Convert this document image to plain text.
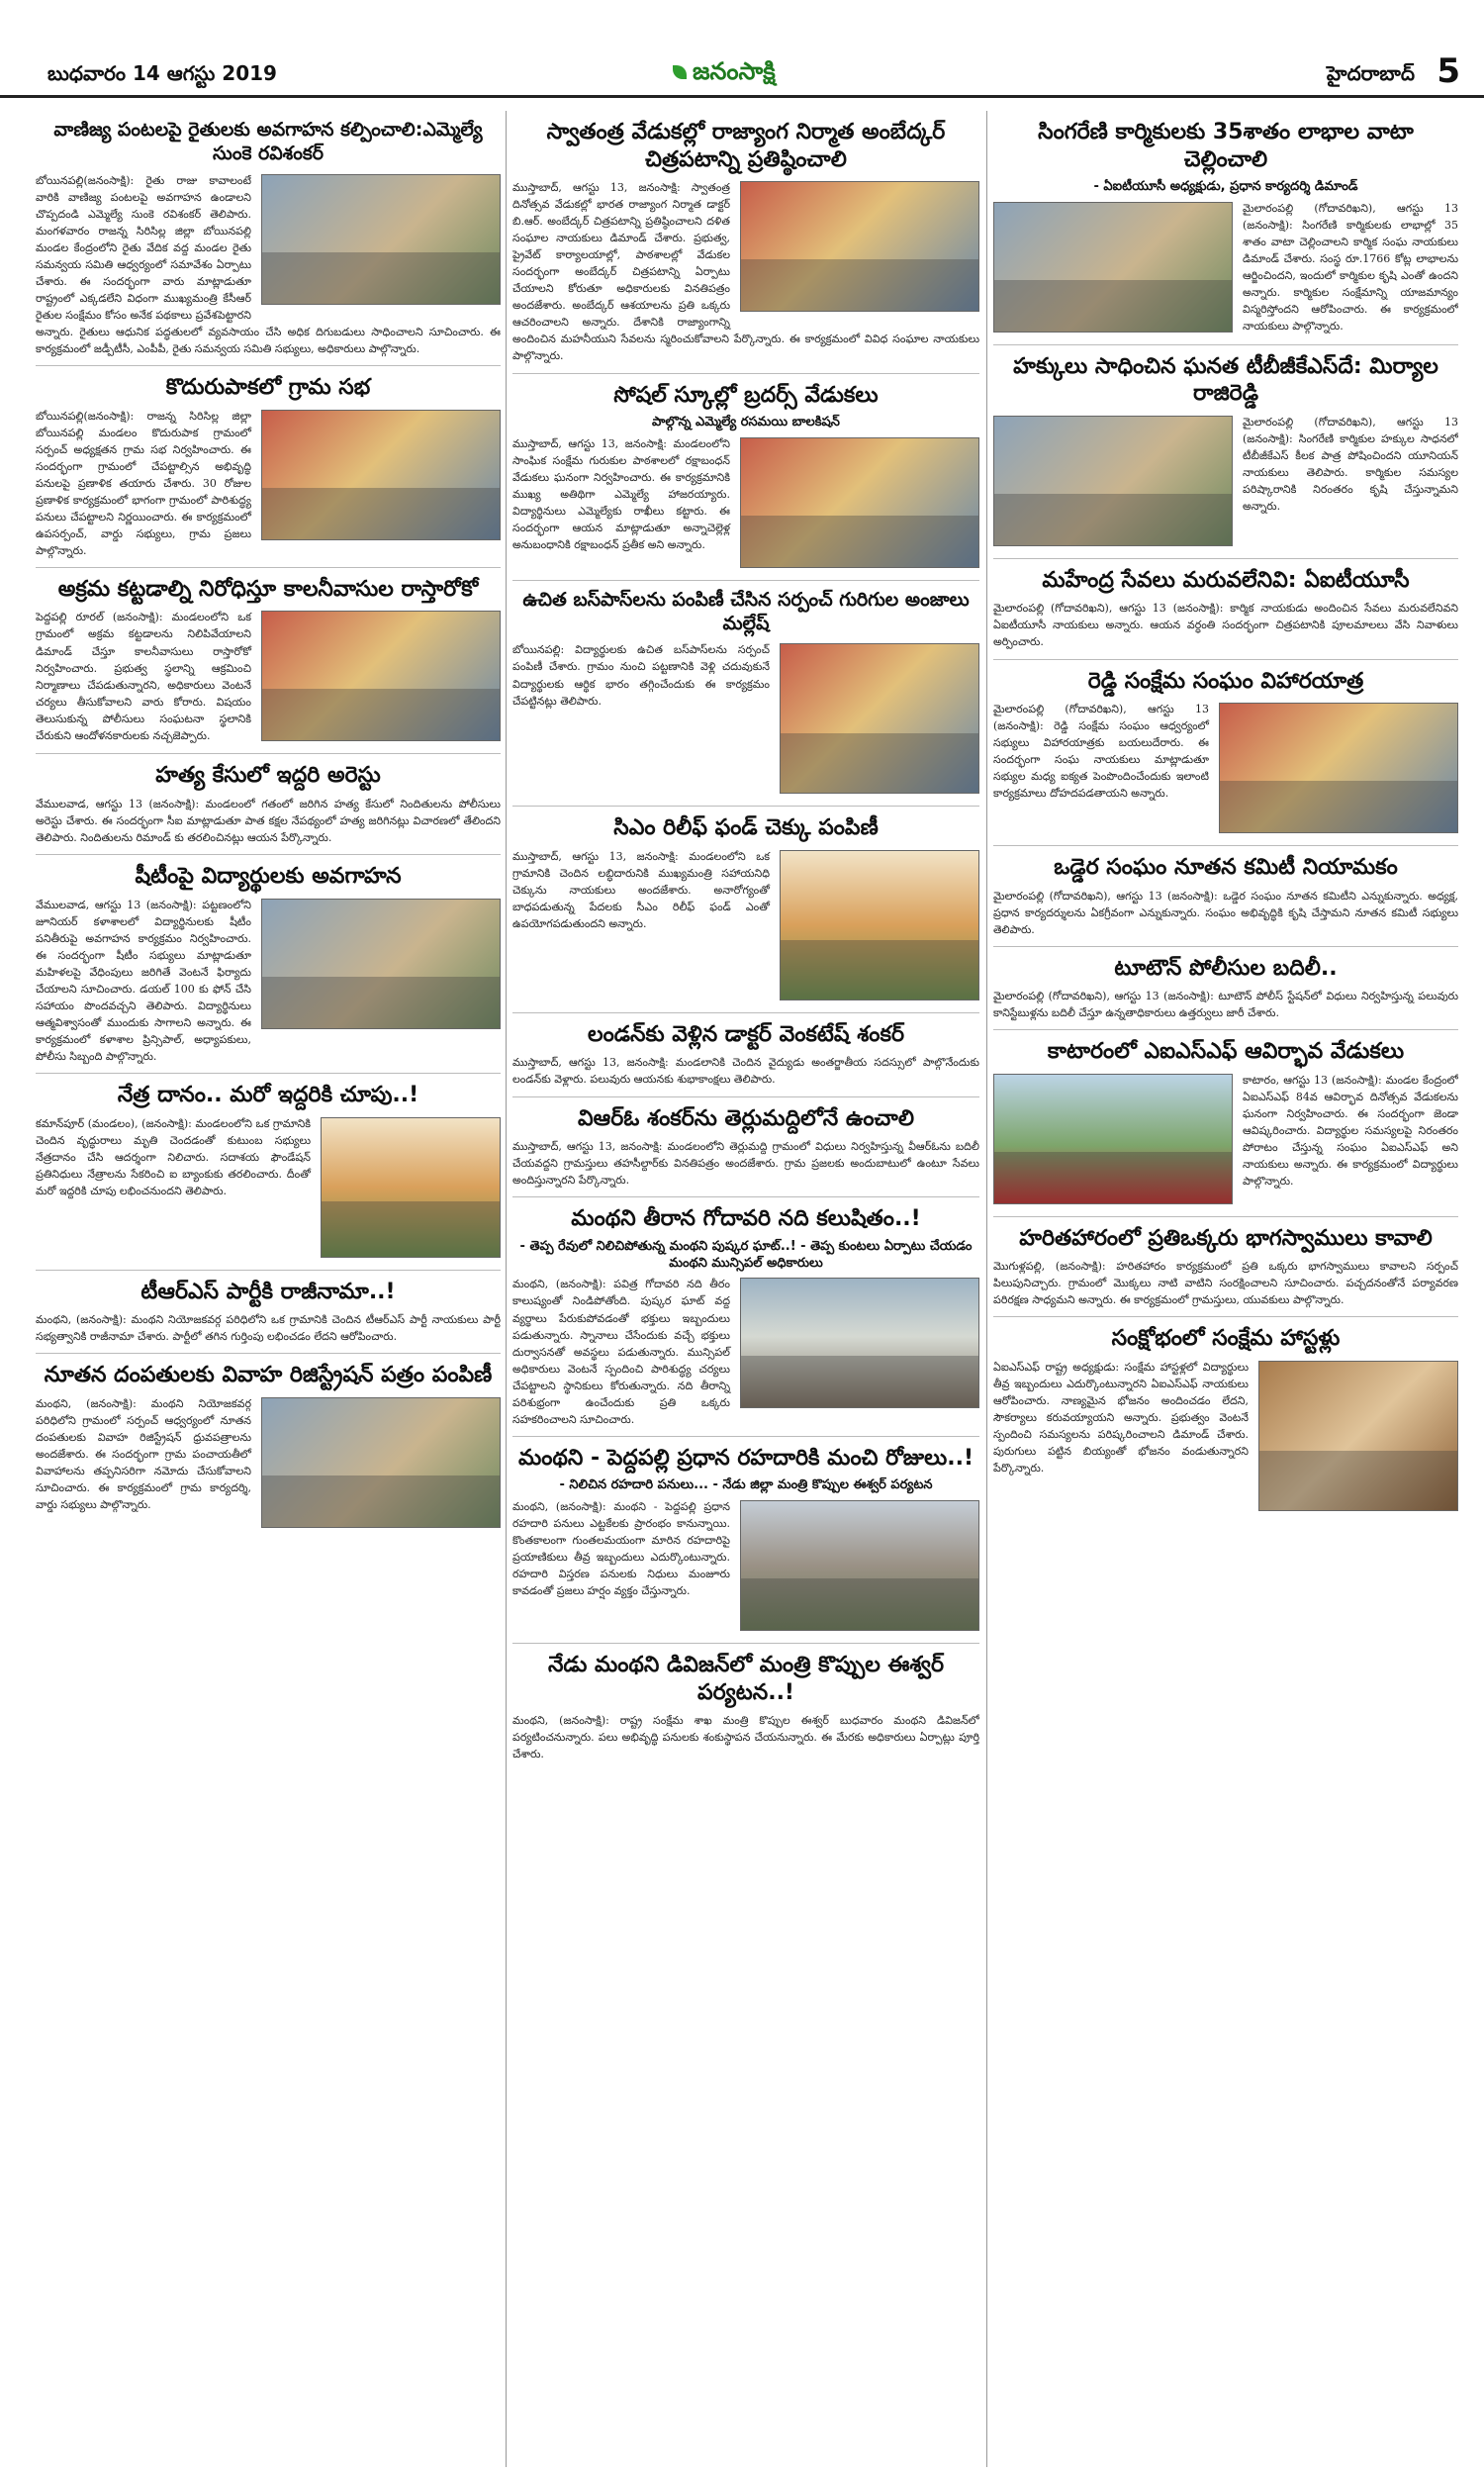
బుధవారం 14 ఆగస్టు 2019	జనంసాక్షి	హైదరాబాద్ 5
వాణిజ్య పంటలపై రైతులకు అవగాహన కల్పించాలి:ఎమ్మెల్యే సుంకె రవిశంకర్
బోయినపల్లి(జనంసాక్షి): రైతు రాజు కావాలంటే వారికి వాణిజ్య పంటలపై అవగాహన ఉండాలని చొప్పదండి ఎమ్మెల్యే సుంకె రవిశంకర్ తెలిపారు. మంగళవారం రాజన్న సిరిసిల్ల జిల్లా బోయినపల్లి మండల కేంద్రంలోని రైతు వేదిక వద్ద మండల రైతు సమన్వయ సమితి ఆధ్వర్యంలో సమావేశం ఏర్పాటు చేశారు. ఈ సందర్భంగా వారు మాట్లాడుతూ రాష్ట్రంలో ఎక్కడలేని విధంగా ముఖ్యమంత్రి కేసీఆర్ రైతుల సంక్షేమం కోసం అనేక పథకాలు ప్రవేశపెట్టారని అన్నారు. రైతులు ఆధునిక పద్ధతులలో వ్యవసాయం చేసి అధిక దిగుబడులు సాధించాలని సూచించారు. ఈ కార్యక్రమంలో జడ్పీటీసీ, ఎంపీపీ, రైతు సమన్వయ సమితి సభ్యులు, అధికారులు పాల్గొన్నారు.
కొదురుపాకలో గ్రామ సభ
బోయినపల్లి(జనంసాక్షి): రాజన్న సిరిసిల్ల జిల్లా బోయినపల్లి మండలం కొదురుపాక గ్రామంలో సర్పంచ్ అధ్యక్షతన గ్రామ సభ నిర్వహించారు. ఈ సందర్భంగా గ్రామంలో చేపట్టాల్సిన అభివృద్ధి పనులపై ప్రణాళిక తయారు చేశారు. 30 రోజుల ప్రణాళిక కార్యక్రమంలో భాగంగా గ్రామంలో పారిశుద్ధ్య పనులు చేపట్టాలని నిర్ణయించారు. ఈ కార్యక్రమంలో ఉపసర్పంచ్, వార్డు సభ్యులు, గ్రామ ప్రజలు పాల్గొన్నారు.
అక్రమ కట్టడాల్ని నిరోధిస్తూ కాలనీవాసుల రాస్తారోకో
పెద్దపల్లి రూరల్ (జనంసాక్షి): మండలంలోని ఒక గ్రామంలో అక్రమ కట్టడాలను నిలిపివేయాలని డిమాండ్ చేస్తూ కాలనీవాసులు రాస్తారోకో నిర్వహించారు. ప్రభుత్వ స్థలాన్ని ఆక్రమించి నిర్మాణాలు చేపడుతున్నారని, అధికారులు వెంటనే చర్యలు తీసుకోవాలని వారు కోరారు. విషయం తెలుసుకున్న పోలీసులు సంఘటనా స్థలానికి చేరుకుని ఆందోళనకారులకు నచ్చజెప్పారు.
హత్య కేసులో ఇద్దరి అరెస్టు
వేములవాడ, ఆగస్టు 13 (జనంసాక్షి): మండలంలో గతంలో జరిగిన హత్య కేసులో నిందితులను పోలీసులు అరెస్టు చేశారు. ఈ సందర్భంగా సీఐ మాట్లాడుతూ పాత కక్షల నేపథ్యంలో హత్య జరిగినట్లు విచారణలో తేలిందని తెలిపారు. నిందితులను రిమాండ్ కు తరలించినట్లు ఆయన పేర్కొన్నారు.
షీటీంపై విద్యార్థులకు అవగాహన
వేములవాడ, ఆగస్టు 13 (జనంసాక్షి): పట్టణంలోని జూనియర్ కళాశాలలో విద్యార్థినులకు షీటీం పనితీరుపై అవగాహన కార్యక్రమం నిర్వహించారు. ఈ సందర్భంగా షీటీం సభ్యులు మాట్లాడుతూ మహిళలపై వేధింపులు జరిగితే వెంటనే ఫిర్యాదు చేయాలని సూచించారు. డయల్ 100 కు ఫోన్ చేసి సహాయం పొందవచ్చని తెలిపారు. విద్యార్థినులు ఆత్మవిశ్వాసంతో ముందుకు సాగాలని అన్నారు. ఈ కార్యక్రమంలో కళాశాల ప్రిన్సిపాల్, అధ్యాపకులు, పోలీసు సిబ్బంది పాల్గొన్నారు.
నేత్ర దానం.. మరో ఇద్దరికి చూపు..!
కమాన్‌పూర్ (మండలం), (జనంసాక్షి): మండలంలోని ఒక గ్రామానికి చెందిన వృద్ధురాలు మృతి చెందడంతో కుటుంబ సభ్యులు నేత్రదానం చేసి ఆదర్శంగా నిలిచారు. సదాశయ ఫౌండేషన్ ప్రతినిధులు నేత్రాలను సేకరించి ఐ బ్యాంకుకు తరలించారు. దీంతో మరో ఇద్దరికి చూపు లభించనుందని తెలిపారు.
టీఆర్‌ఎస్ పార్టీకి రాజీనామా..!
మంథని, (జనంసాక్షి): మంథని నియోజకవర్గ పరిధిలోని ఒక గ్రామానికి చెందిన టీఆర్‌ఎస్ పార్టీ నాయకులు పార్టీ సభ్యత్వానికి రాజీనామా చేశారు. పార్టీలో తగిన గుర్తింపు లభించడం లేదని ఆరోపించారు.
నూతన దంపతులకు వివాహ రిజిస్ట్రేషన్ పత్రం పంపిణీ
మంథని, (జనంసాక్షి): మంథని నియోజకవర్గ పరిధిలోని గ్రామంలో సర్పంచ్ ఆధ్వర్యంలో నూతన దంపతులకు వివాహ రిజిస్ట్రేషన్ ధ్రువపత్రాలను అందజేశారు. ఈ సందర్భంగా గ్రామ పంచాయతీలో వివాహాలను తప్పనిసరిగా నమోదు చేసుకోవాలని సూచించారు. ఈ కార్యక్రమంలో గ్రామ కార్యదర్శి, వార్డు సభ్యులు పాల్గొన్నారు.
స్వాతంత్ర వేడుకల్లో రాజ్యాంగ నిర్మాత అంబేద్కర్ చిత్రపటాన్ని ప్రతిష్ఠించాలి
ముస్తాబాద్, ఆగస్టు 13, జనంసాక్షి: స్వాతంత్ర దినోత్సవ వేడుకల్లో భారత రాజ్యాంగ నిర్మాత డాక్టర్ బి.ఆర్. అంబేద్కర్ చిత్రపటాన్ని ప్రతిష్ఠించాలని దళిత సంఘాల నాయకులు డిమాండ్ చేశారు. ప్రభుత్వ, ప్రైవేట్ కార్యాలయాల్లో, పాఠశాలల్లో వేడుకల సందర్భంగా అంబేద్కర్ చిత్రపటాన్ని ఏర్పాటు చేయాలని కోరుతూ అధికారులకు వినతిపత్రం అందజేశారు. అంబేద్కర్ ఆశయాలను ప్రతి ఒక్కరు ఆచరించాలని అన్నారు. దేశానికి రాజ్యాంగాన్ని అందించిన మహనీయుని సేవలను స్మరించుకోవాలని పేర్కొన్నారు. ఈ కార్యక్రమంలో వివిధ సంఘాల నాయకులు పాల్గొన్నారు.
సోషల్ స్కూల్లో బ్రదర్స్ వేడుకలు
పాల్గొన్న ఎమ్మెల్యే రసమయి బాలకిషన్
ముస్తాబాద్, ఆగస్టు 13, జనంసాక్షి: మండలంలోని సాంఘిక సంక్షేమ గురుకుల పాఠశాలలో రక్షాబంధన్ వేడుకలు ఘనంగా నిర్వహించారు. ఈ కార్యక్రమానికి ముఖ్య అతిథిగా ఎమ్మెల్యే హాజరయ్యారు. విద్యార్థినులు ఎమ్మెల్యేకు రాఖీలు కట్టారు. ఈ సందర్భంగా ఆయన మాట్లాడుతూ అన్నాచెల్లెళ్ల అనుబంధానికి రక్షాబంధన్ ప్రతీక అని అన్నారు.
ఉచిత బస్‌పాస్‌లను పంపిణీ చేసిన సర్పంచ్ గురిగుల అంజాలు మల్లేష్
బోయినపల్లి: విద్యార్థులకు ఉచిత బస్‌పాస్‌లను సర్పంచ్ పంపిణీ చేశారు. గ్రామం నుంచి పట్టణానికి వెళ్లి చదువుకునే విద్యార్థులకు ఆర్థిక భారం తగ్గించేందుకు ఈ కార్యక్రమం చేపట్టినట్లు తెలిపారు.
సిఎం రిలీఫ్ ఫండ్ చెక్కు పంపిణీ
ముస్తాబాద్, ఆగస్టు 13, జనంసాక్షి: మండలంలోని ఒక గ్రామానికి చెందిన లబ్ధిదారునికి ముఖ్యమంత్రి సహాయనిధి చెక్కును నాయకులు అందజేశారు. అనారోగ్యంతో బాధపడుతున్న పేదలకు సీఎం రిలీఫ్ ఫండ్ ఎంతో ఉపయోగపడుతుందని అన్నారు.
లండన్‌కు వెళ్లిన డాక్టర్ వెంకటేష్ శంకర్
ముస్తాబాద్, ఆగస్టు 13, జనంసాక్షి: మండలానికి చెందిన వైద్యుడు అంతర్జాతీయ సదస్సులో పాల్గొనేందుకు లండన్‌కు వెళ్లారు. పలువురు ఆయనకు శుభాకాంక్షలు తెలిపారు.
విఆర్ఓ శంకర్‌ను తెర్లుమద్దిలోనే ఉంచాలి
ముస్తాబాద్, ఆగస్టు 13, జనంసాక్షి: మండలంలోని తెర్లుమద్ది గ్రామంలో విధులు నిర్వహిస్తున్న వీఆర్ఓను బదిలీ చేయవద్దని గ్రామస్తులు తహసీల్దార్‌కు వినతిపత్రం అందజేశారు. గ్రామ ప్రజలకు అందుబాటులో ఉంటూ సేవలు అందిస్తున్నారని పేర్కొన్నారు.
మంథని తీరాన గోదావరి నది కలుషితం..!
- తెప్ప రేవులో నిలిచిపోతున్న మంథని పుష్కర ఘాట్..! - తెప్ప కుంటలు ఏర్పాటు చేయడం మంథని మున్సిపల్ అధికారులు
మంథని, (జనంసాక్షి): పవిత్ర గోదావరి నది తీరం కాలుష్యంతో నిండిపోతోంది. పుష్కర ఘాట్ వద్ద వ్యర్థాలు పేరుకుపోవడంతో భక్తులు ఇబ్బందులు పడుతున్నారు. స్నానాలు చేసేందుకు వచ్చే భక్తులు దుర్వాసనతో అవస్థలు పడుతున్నారు. మున్సిపల్ అధికారులు వెంటనే స్పందించి పారిశుద్ధ్య చర్యలు చేపట్టాలని స్థానికులు కోరుతున్నారు. నది తీరాన్ని పరిశుభ్రంగా ఉంచేందుకు ప్రతి ఒక్కరు సహకరించాలని సూచించారు.
మంథని - పెద్దపల్లి ప్రధాన రహదారికి మంచి రోజులు..!
- నిలిచిన రహదారి పనులు... - నేడు జిల్లా మంత్రి కొప్పుల ఈశ్వర్ పర్యటన
మంథని, (జనంసాక్షి): మంథని - పెద్దపల్లి ప్రధాన రహదారి పనులు ఎట్టకేలకు ప్రారంభం కానున్నాయి. కొంతకాలంగా గుంతలమయంగా మారిన రహదారిపై ప్రయాణికులు తీవ్ర ఇబ్బందులు ఎదుర్కొంటున్నారు. రహదారి విస్తరణ పనులకు నిధులు మంజూరు కావడంతో ప్రజలు హర్షం వ్యక్తం చేస్తున్నారు.
నేడు మంథని డివిజన్‌లో మంత్రి కొప్పుల ఈశ్వర్ పర్యటన..!
మంథని, (జనంసాక్షి): రాష్ట్ర సంక్షేమ శాఖ మంత్రి కొప్పుల ఈశ్వర్ బుధవారం మంథని డివిజన్‌లో పర్యటించనున్నారు. పలు అభివృద్ధి పనులకు శంకుస్థాపన చేయనున్నారు. ఈ మేరకు అధికారులు ఏర్పాట్లు పూర్తి చేశారు.
సింగరేణి కార్మికులకు 35శాతం లాభాల వాటా చెల్లించాలి
- ఏఐటీయూసీ అధ్యక్షుడు, ప్రధాన కార్యదర్శి డిమాండ్
మైలారంపల్లి (గోదావరిఖని), ఆగస్టు 13 (జనంసాక్షి): సింగరేణి కార్మికులకు లాభాల్లో 35 శాతం వాటా చెల్లించాలని కార్మిక సంఘ నాయకులు డిమాండ్ చేశారు. సంస్థ రూ.1766 కోట్ల లాభాలను ఆర్జించిందని, ఇందులో కార్మికుల కృషి ఎంతో ఉందని అన్నారు. కార్మికుల సంక్షేమాన్ని యాజమాన్యం విస్మరిస్తోందని ఆరోపించారు. ఈ కార్యక్రమంలో నాయకులు పాల్గొన్నారు.
హక్కులు సాధించిన ఘనత టీబీజీకేఎస్‌దే: మిర్యాల రాజిరెడ్డి
మైలారంపల్లి (గోదావరిఖని), ఆగస్టు 13 (జనంసాక్షి): సింగరేణి కార్మికుల హక్కుల సాధనలో టీబీజీకేఎస్ కీలక పాత్ర పోషించిందని యూనియన్ నాయకులు తెలిపారు. కార్మికుల సమస్యల పరిష్కారానికి నిరంతరం కృషి చేస్తున్నామని అన్నారు.
మహేంద్ర సేవలు మరువలేనివి: ఏఐటీయూసీ
మైలారంపల్లి (గోదావరిఖని), ఆగస్టు 13 (జనంసాక్షి): కార్మిక నాయకుడు అందించిన సేవలు మరువలేనివని ఏఐటీయూసీ నాయకులు అన్నారు. ఆయన వర్ధంతి సందర్భంగా చిత్రపటానికి పూలమాలలు వేసి నివాళులు అర్పించారు.
రెడ్డి సంక్షేమ సంఘం విహారయాత్ర
మైలారంపల్లి (గోదావరిఖని), ఆగస్టు 13 (జనంసాక్షి): రెడ్డి సంక్షేమ సంఘం ఆధ్వర్యంలో సభ్యులు విహారయాత్రకు బయలుదేరారు. ఈ సందర్భంగా సంఘ నాయకులు మాట్లాడుతూ సభ్యుల మధ్య ఐక్యత పెంపొందించేందుకు ఇలాంటి కార్యక్రమాలు దోహదపడతాయని అన్నారు.
ఒడ్డెర సంఘం నూతన కమిటీ నియామకం
మైలారంపల్లి (గోదావరిఖని), ఆగస్టు 13 (జనంసాక్షి): ఒడ్డెర సంఘం నూతన కమిటీని ఎన్నుకున్నారు. అధ్యక్ష, ప్రధాన కార్యదర్శులను ఏకగ్రీవంగా ఎన్నుకున్నారు. సంఘం అభివృద్ధికి కృషి చేస్తామని నూతన కమిటీ సభ్యులు తెలిపారు.
టూటౌన్ పోలీసుల బదిలీ..
మైలారంపల్లి (గోదావరిఖని), ఆగస్టు 13 (జనంసాక్షి): టూటౌన్ పోలీస్ స్టేషన్‌లో విధులు నిర్వహిస్తున్న పలువురు కానిస్టేబుళ్లను బదిలీ చేస్తూ ఉన్నతాధికారులు ఉత్తర్వులు జారీ చేశారు.
కాటారంలో ఎఐఎస్ఎఫ్ ఆవిర్భావ వేడుకలు
కాటారం, ఆగస్టు 13 (జనంసాక్షి): మండల కేంద్రంలో ఏఐఎస్ఎఫ్ 84వ ఆవిర్భావ దినోత్సవ వేడుకలను ఘనంగా నిర్వహించారు. ఈ సందర్భంగా జెండా ఆవిష్కరించారు. విద్యార్థుల సమస్యలపై నిరంతరం పోరాటం చేస్తున్న సంఘం ఏఐఎస్ఎఫ్ అని నాయకులు అన్నారు. ఈ కార్యక్రమంలో విద్యార్థులు పాల్గొన్నారు.
హరితహారంలో ప్రతిఒక్కరు భాగస్వాములు కావాలి
మొగుళ్లపల్లి, (జనంసాక్షి): హరితహారం కార్యక్రమంలో ప్రతి ఒక్కరు భాగస్వాములు కావాలని సర్పంచ్ పిలుపునిచ్చారు. గ్రామంలో మొక్కలు నాటి వాటిని సంరక్షించాలని సూచించారు. పచ్చదనంతోనే పర్యావరణ పరిరక్షణ సాధ్యమని అన్నారు. ఈ కార్యక్రమంలో గ్రామస్తులు, యువకులు పాల్గొన్నారు.
సంక్షోభంలో సంక్షేమ హాస్టళ్లు
ఏఐఎస్ఎఫ్ రాష్ట్ర అధ్యక్షుడు: సంక్షేమ హాస్టళ్లలో విద్యార్థులు తీవ్ర ఇబ్బందులు ఎదుర్కొంటున్నారని ఏఐఎస్ఎఫ్ నాయకులు ఆరోపించారు. నాణ్యమైన భోజనం అందించడం లేదని, సౌకర్యాలు కరువయ్యాయని అన్నారు. ప్రభుత్వం వెంటనే స్పందించి సమస్యలను పరిష్కరించాలని డిమాండ్ చేశారు. పురుగులు పట్టిన బియ్యంతో భోజనం వండుతున్నారని పేర్కొన్నారు.
